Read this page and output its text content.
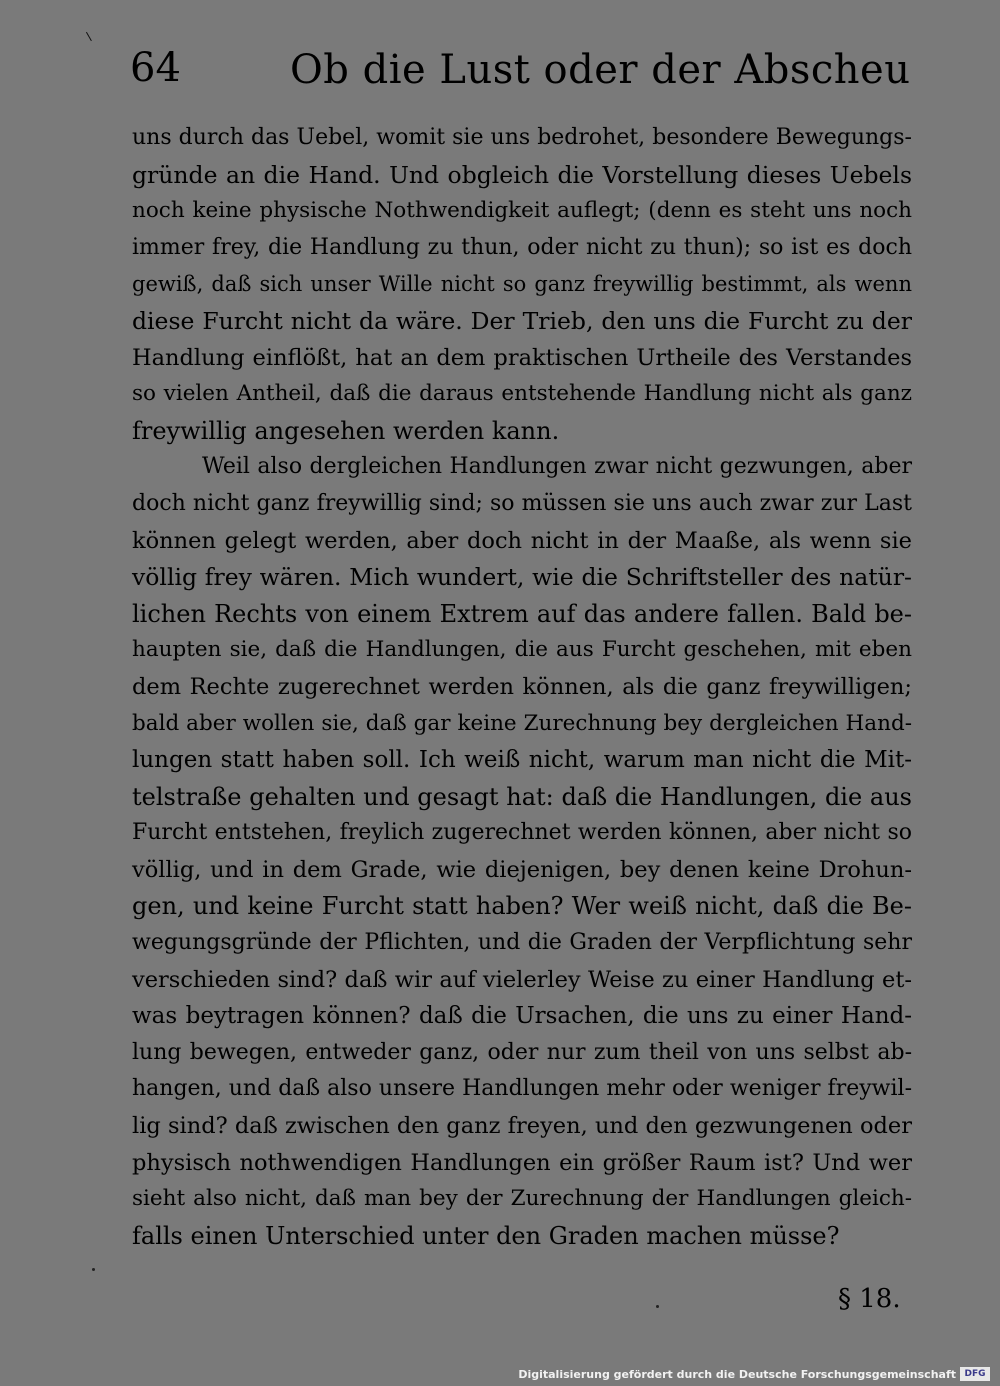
64	Ob die Lust oder der Abscheu
uns durch das Uebel, womit sie uns bedrohet, besondere Bewegungs-
gründe an die Hand. Und obgleich die Vorstellung dieses Uebels
noch keine physische Nothwendigkeit auflegt; (denn es steht uns noch
immer frey, die Handlung zu thun, oder nicht zu thun); so ist es doch
gewiß, daß sich unser Wille nicht so ganz freywillig bestimmt, als wenn
diese Furcht nicht da wäre. Der Trieb, den uns die Furcht zu der
Handlung einflößt, hat an dem praktischen Urtheile des Verstandes
so vielen Antheil, daß die daraus entstehende Handlung nicht als ganz
freywillig angesehen werden kann.
Weil also dergleichen Handlungen zwar nicht gezwungen, aber
doch nicht ganz freywillig sind; so müssen sie uns auch zwar zur Last
können gelegt werden, aber doch nicht in der Maaße, als wenn sie
völlig frey wären. Mich wundert, wie die Schriftsteller des natür-
lichen Rechts von einem Extrem auf das andere fallen. Bald be-
haupten sie, daß die Handlungen, die aus Furcht geschehen, mit eben
dem Rechte zugerechnet werden können, als die ganz freywilligen;
bald aber wollen sie, daß gar keine Zurechnung bey dergleichen Hand-
lungen statt haben soll. Ich weiß nicht, warum man nicht die Mit-
telstraße gehalten und gesagt hat: daß die Handlungen, die aus
Furcht entstehen, freylich zugerechnet werden können, aber nicht so
völlig, und in dem Grade, wie diejenigen, bey denen keine Drohun-
gen, und keine Furcht statt haben? Wer weiß nicht, daß die Be-
wegungsgründe der Pflichten, und die Graden der Verpflichtung sehr
verschieden sind? daß wir auf vielerley Weise zu einer Handlung et-
was beytragen können? daß die Ursachen, die uns zu einer Hand-
lung bewegen, entweder ganz, oder nur zum theil von uns selbst ab-
hangen, und daß also unsere Handlungen mehr oder weniger freywil-
lig sind? daß zwischen den ganz freyen, und den gezwungenen oder
physisch nothwendigen Handlungen ein größer Raum ist? Und wer
sieht also nicht, daß man bey der Zurechnung der Handlungen gleich-
falls einen Unterschied unter den Graden machen müsse?
§ 18.
Digitalisierung gefördert durch die Deutsche Forschungsgemeinschaft DFG
